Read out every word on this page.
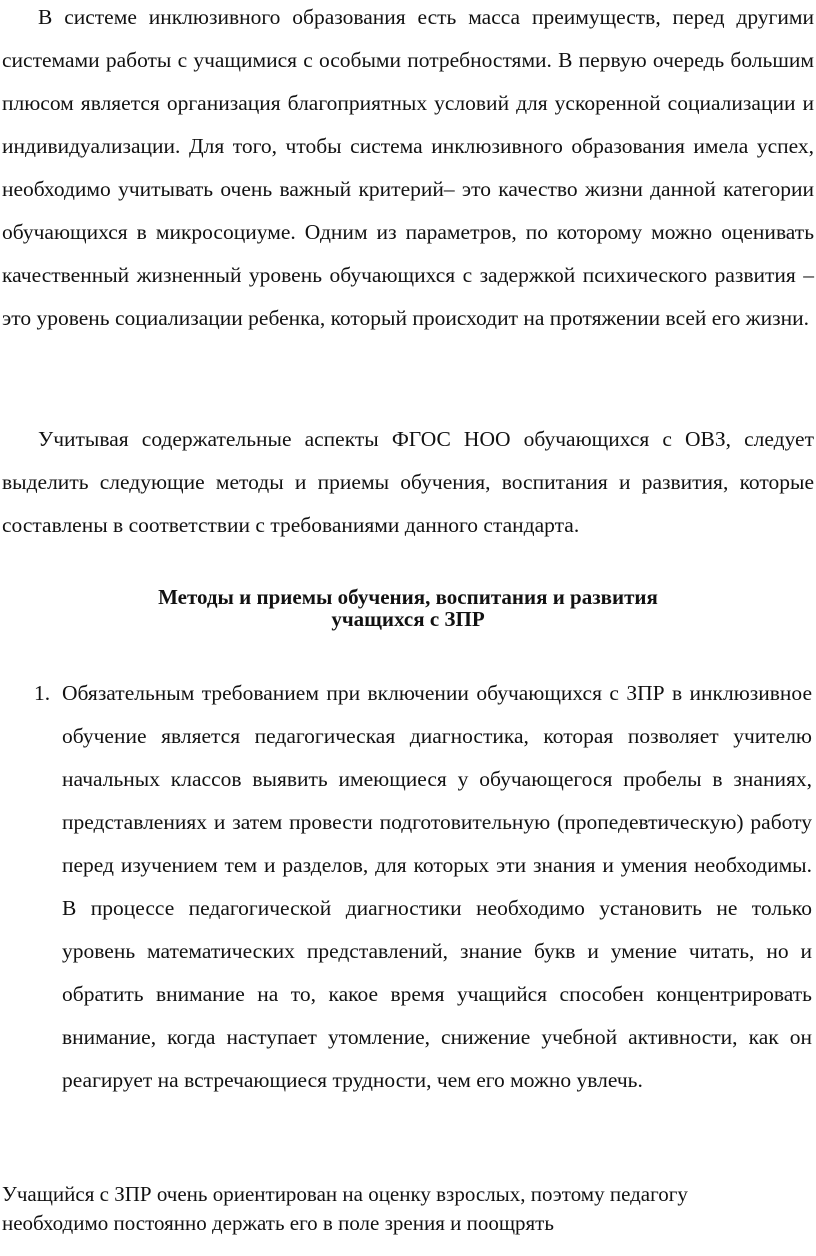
В системе инклюзивного образования есть масса преимуществ, перед другими системами работы с учащимися с особыми потребностями. В первую очередь большим плюсом является организация благоприятных условий для ускоренной социализации и индивидуализации. Для того, чтобы система инклюзивного образования имела успех, необходимо учитывать очень важный критерий– это качество жизни данной категории обучающихся в микросоциуме. Одним из параметров, по которому можно оценивать качественный жизненный уровень обучающихся с задержкой психического развития – это уровень социализации ребенка, который происходит на протяжении всей его жизни.

Учитывая содержательные аспекты ФГОС НОО обучающихся с ОВЗ, следует выделить следующие методы и приемы обучения, воспитания и развития, которые составлены в соответствии с требованиями данного стандарта.

Методы и приемы обучения, воспитания и развития
учащихся с ЗПР
1. Обязательным требованием при включении обучающихся с ЗПР в инклюзивное обучение является педагогическая диагностика, которая позволяет учителю начальных классов выявить имеющиеся у обучающегося пробелы в знаниях, представлениях и затем провести подготовительную (пропедевтическую) работу перед изучением тем и разделов, для которых эти знания и умения необходимы. В процессе педагогической диагностики необходимо установить не только уровень математических представлений, знание букв и умение читать, но и обратить внимание на то, какое время учащийся способен концентрировать внимание, когда наступает утомление, снижение учебной активности, как он реагирует на встречающиеся трудности, чем его можно увлечь.

Учащийся с ЗПР очень ориентирован на оценку взрослых, поэтому педагогу
необходимо постоянно держать его в поле зрения и поощрять
